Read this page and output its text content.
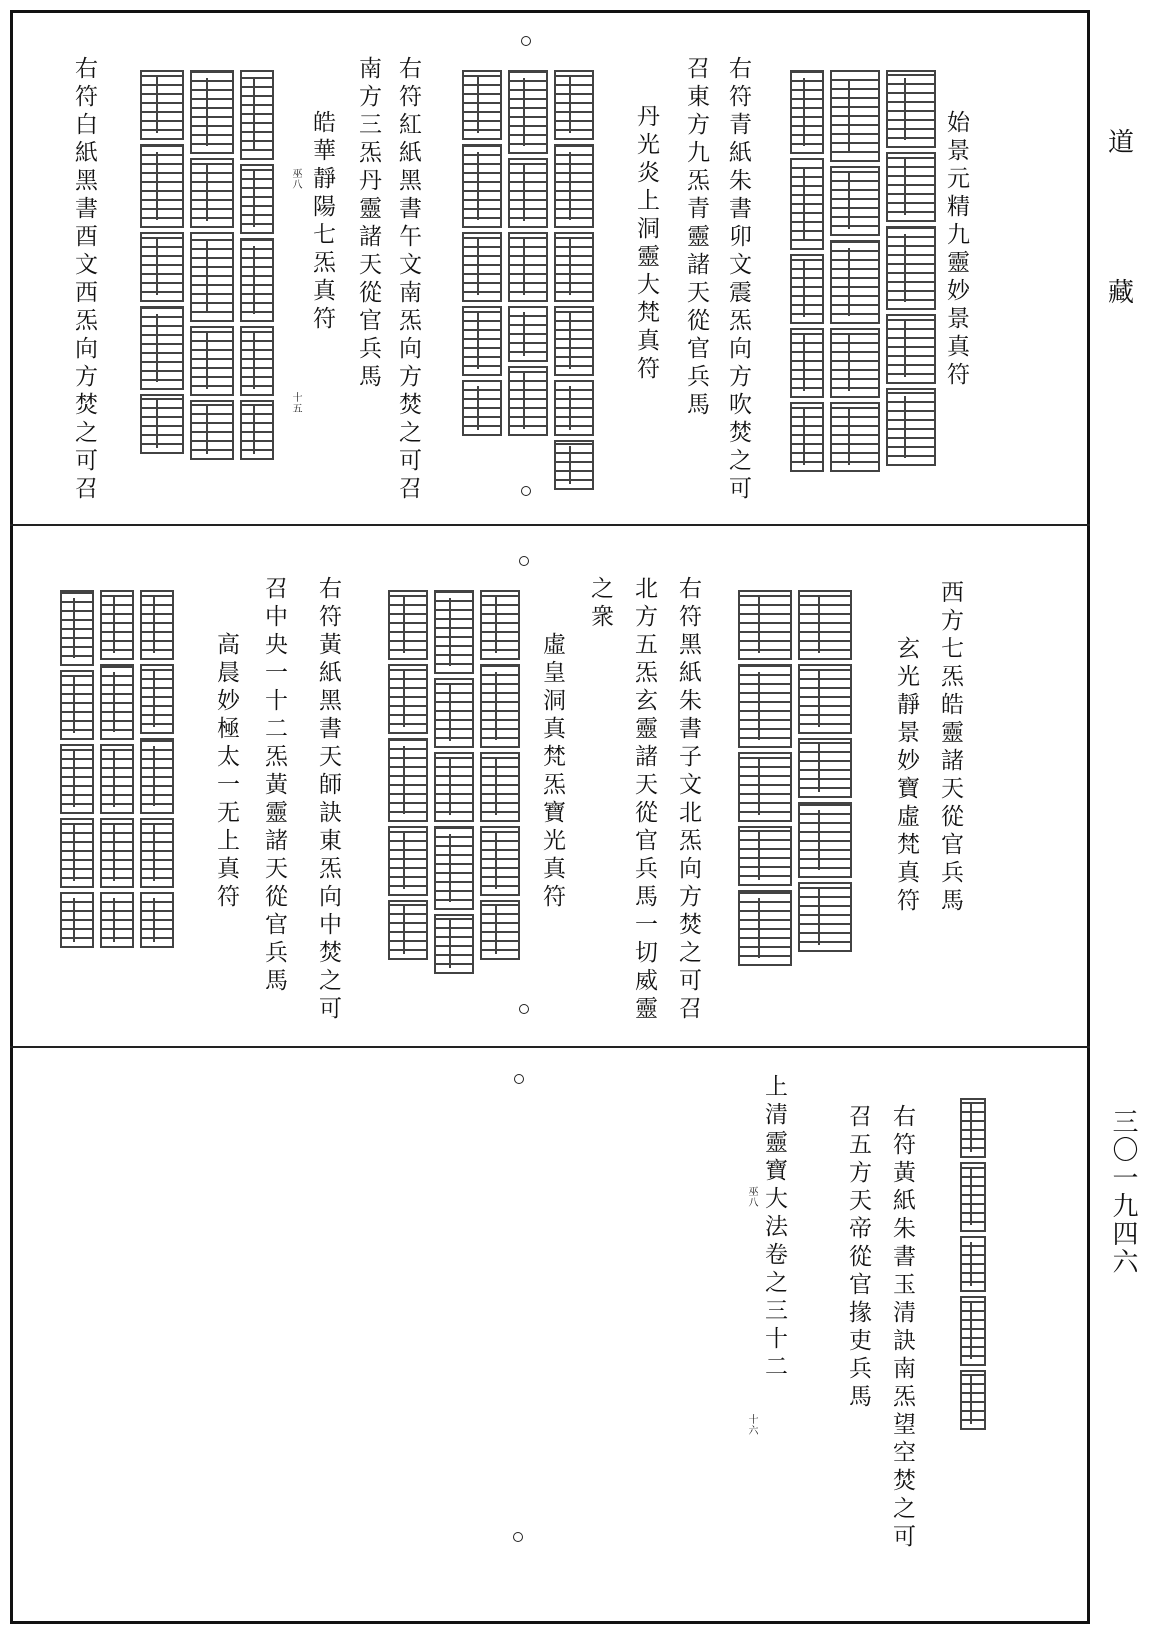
道
藏
三〇一九四六
始景元精九靈妙景真符
右符青紙朱書卯文震炁向方吹焚之可
召東方九炁青靈諸天從官兵馬
丹光炎上洞靈大梵真符
右符紅紙黑書午文南炁向方焚之可召
南方三炁丹靈諸天從官兵馬
皓華靜陽七炁真符
巫八
十五
右符白紙黑書酉文西炁向方焚之可召
西方七炁皓靈諸天從官兵馬
玄光靜景妙寶虛梵真符
右符黑紙朱書子文北炁向方焚之可召
北方五炁玄靈諸天從官兵馬一切威靈
之衆
虛皇洞真梵炁寶光真符
右符黃紙黑書天師訣東炁向中焚之可
召中央一十二炁黃靈諸天從官兵馬
高晨妙極太一无上真符
右符黃紙朱書玉清訣南炁望空焚之可
召五方天帝從官掾吏兵馬
上清靈寶大法卷之三十二
巫八
十六
